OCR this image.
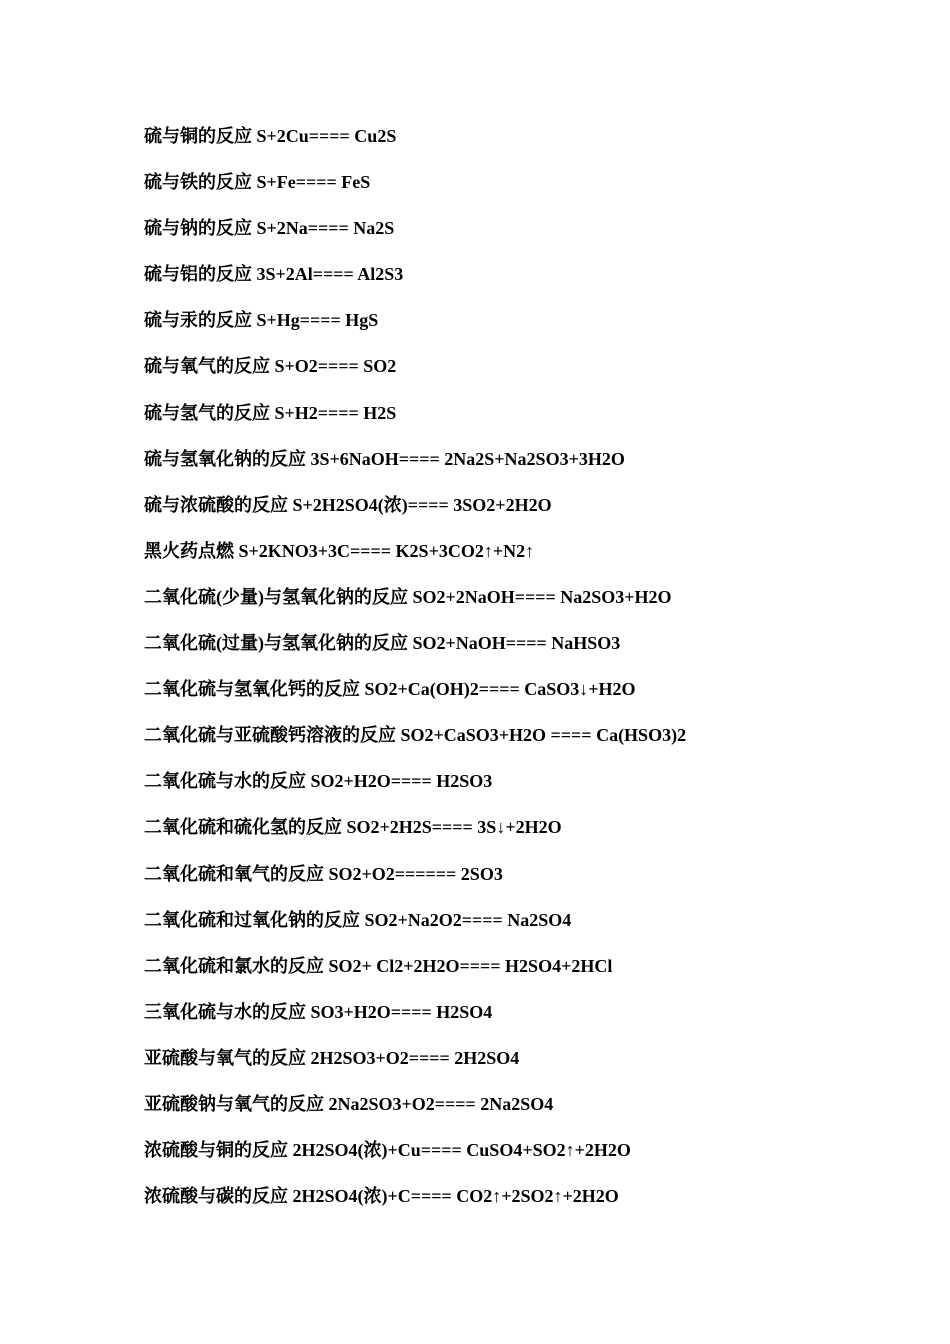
硫与铜的反应 S+2Cu==== Cu2S
硫与铁的反应 S+Fe==== FeS
硫与钠的反应 S+2Na==== Na2S
硫与铝的反应 3S+2Al==== Al2S3
硫与汞的反应 S+Hg==== HgS
硫与氧气的反应 S+O2==== SO2
硫与氢气的反应 S+H2==== H2S
硫与氢氧化钠的反应 3S+6NaOH==== 2Na2S+Na2SO3+3H2O
硫与浓硫酸的反应 S+2H2SO4(浓)==== 3SO2+2H2O
黑火药点燃 S+2KNO3+3C==== K2S+3CO2↑+N2↑
二氧化硫(少量)与氢氧化钠的反应 SO2+2NaOH==== Na2SO3+H2O
二氧化硫(过量)与氢氧化钠的反应 SO2+NaOH==== NaHSO3
二氧化硫与氢氧化钙的反应 SO2+Ca(OH)2==== CaSO3↓+H2O
二氧化硫与亚硫酸钙溶液的反应 SO2+CaSO3+H2O ==== Ca(HSO3)2
二氧化硫与水的反应 SO2+H2O==== H2SO3
二氧化硫和硫化氢的反应 SO2+2H2S==== 3S↓+2H2O
二氧化硫和氧气的反应 SO2+O2====== 2SO3
二氧化硫和过氧化钠的反应 SO2+Na2O2==== Na2SO4
二氧化硫和氯水的反应 SO2+ Cl2+2H2O==== H2SO4+2HCl
三氧化硫与水的反应 SO3+H2O==== H2SO4
亚硫酸与氧气的反应 2H2SO3+O2==== 2H2SO4
亚硫酸钠与氧气的反应 2Na2SO3+O2==== 2Na2SO4
浓硫酸与铜的反应 2H2SO4(浓)+Cu==== CuSO4+SO2↑+2H2O
浓硫酸与碳的反应 2H2SO4(浓)+C==== CO2↑+2SO2↑+2H2O
